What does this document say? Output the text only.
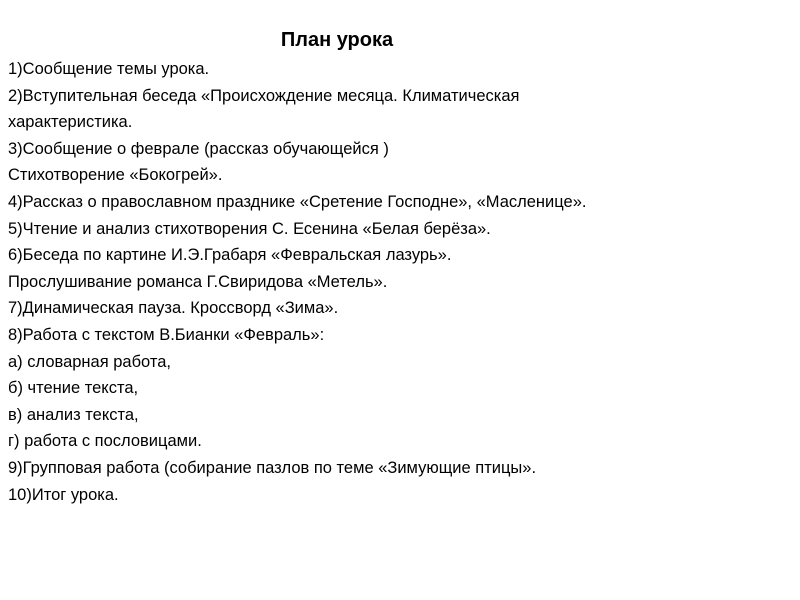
План урока
1)Сообщение темы урока.
2)Вступительная беседа «Происхождение месяца. Климатическая
характеристика.
3)Сообщение о феврале (рассказ обучающейся )
Стихотворение «Бокогрей».
4)Рассказ о православном празднике «Сретение Господне», «Масленице».
5)Чтение и анализ стихотворения С. Есенина «Белая берёза».
6)Беседа по картине И.Э.Грабаря «Февральская лазурь».
Прослушивание романса Г.Свиридова «Метель».
7)Динамическая пауза. Кроссворд «Зима».
8)Работа с текстом В.Бианки «Февраль»:
а) словарная работа,
б) чтение текста,
в) анализ текста,
г) работа с пословицами.
9)Групповая работа (собирание пазлов по теме «Зимующие птицы».
10)Итог урока.
